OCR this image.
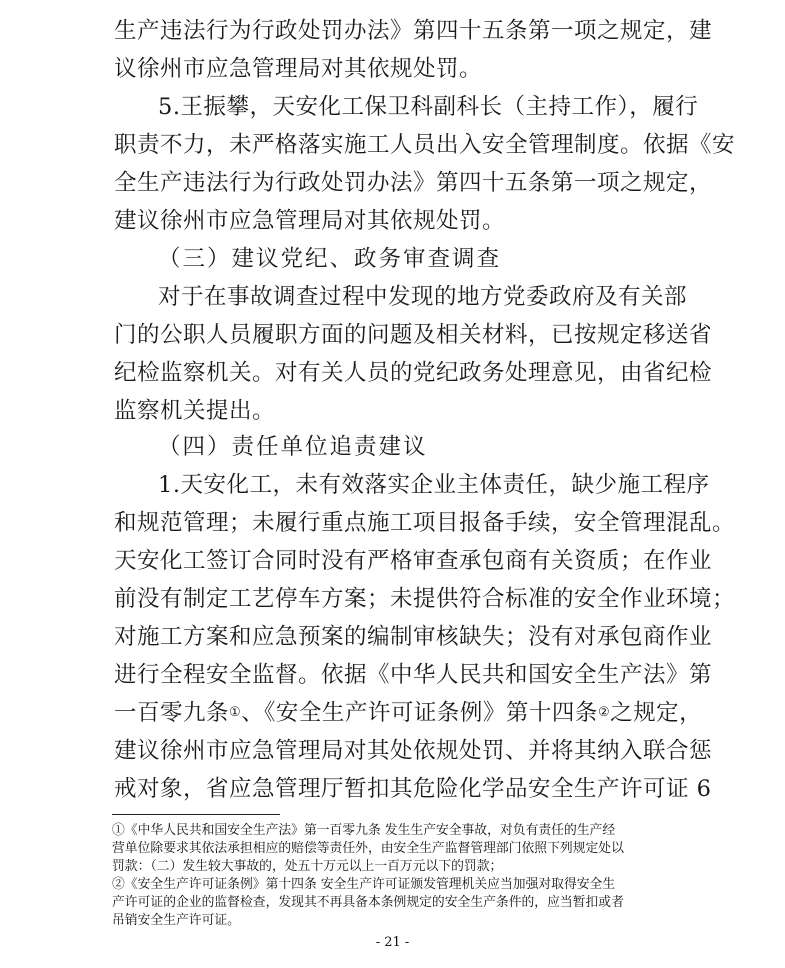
生产违法行为行政处罚办法》第四十五条第一项之规定，建
议徐州市应急管理局对其依规处罚。
5.王振攀，天安化工保卫科副科长（主持工作），履行
职责不力，未严格落实施工人员出入安全管理制度。依据《安
全生产违法行为行政处罚办法》第四十五条第一项之规定，
建议徐州市应急管理局对其依规处罚。
（三）建议党纪、政务审查调查
对于在事故调查过程中发现的地方党委政府及有关部
门的公职人员履职方面的问题及相关材料，已按规定移送省
纪检监察机关。对有关人员的党纪政务处理意见，由省纪检
监察机关提出。
（四）责任单位追责建议
1.天安化工，未有效落实企业主体责任，缺少施工程序
和规范管理；未履行重点施工项目报备手续，安全管理混乱。
天安化工签订合同时没有严格审查承包商有关资质；在作业
前没有制定工艺停车方案；未提供符合标准的安全作业环境；
对施工方案和应急预案的编制审核缺失；没有对承包商作业
进行全程安全监督。依据《中华人民共和国安全生产法》第
一百零九条①、《安全生产许可证条例》第十四条②之规定，
建议徐州市应急管理局对其处依规处罚、并将其纳入联合惩
戒对象，省应急管理厅暂扣其危险化学品安全生产许可证 6
①《中华人民共和国安全生产法》第一百零九条 发生生产安全事故，对负有责任的生产经
营单位除要求其依法承担相应的赔偿等责任外，由安全生产监督管理部门依照下列规定处以
罚款：（二）发生较大事故的，处五十万元以上一百万元以下的罚款；
②《安全生产许可证条例》第十四条 安全生产许可证颁发管理机关应当加强对取得安全生
产许可证的企业的监督检查，发现其不再具备本条例规定的安全生产条件的，应当暂扣或者
吊销安全生产许可证。
- 21 -
